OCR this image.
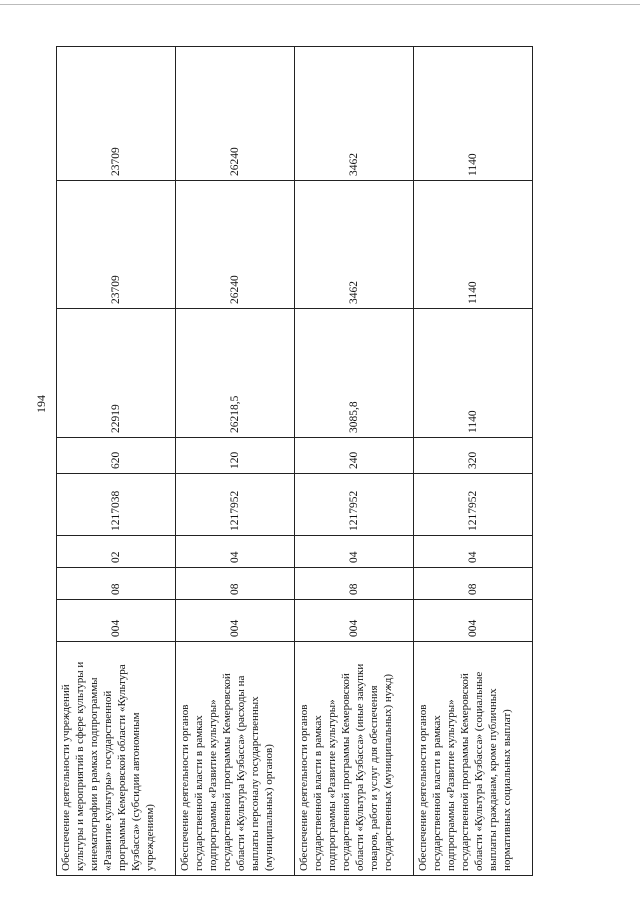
194
Обеспечение деятельности учреждений культуры и мероприятий в сфере культуры и кинематографии в рамках подпрограммы «Развитие культуры» государственной программы Кемеровской области «Культура Кузбасса» (субсидии автономным учреждениям)	004	08	02	1217038	620	22919	23709	23709
Обеспечение деятельности органов государственной власти в рамках подпрограммы «Развитие культуры» государственной программы Кемеровской области «Культура Кузбасса» (расходы на выплаты персоналу государственных (муниципальных) органов)	004	08	04	1217952	120	26218,5	26240	26240
Обеспечение деятельности органов государственной власти в рамках подпрограммы «Развитие культуры» государственной программы Кемеровской области «Культура Кузбасса» (иные закупки товаров, работ и услуг для обеспечения государственных (муниципальных) нужд)	004	08	04	1217952	240	3085,8	3462	3462
Обеспечение деятельности органов государственной власти в рамках подпрограммы «Развитие культуры» государственной программы Кемеровской области «Культура Кузбасса» (социальные выплаты гражданам, кроме публичных нормативных социальных выплат)	004	08	04	1217952	320	1140	1140	1140
